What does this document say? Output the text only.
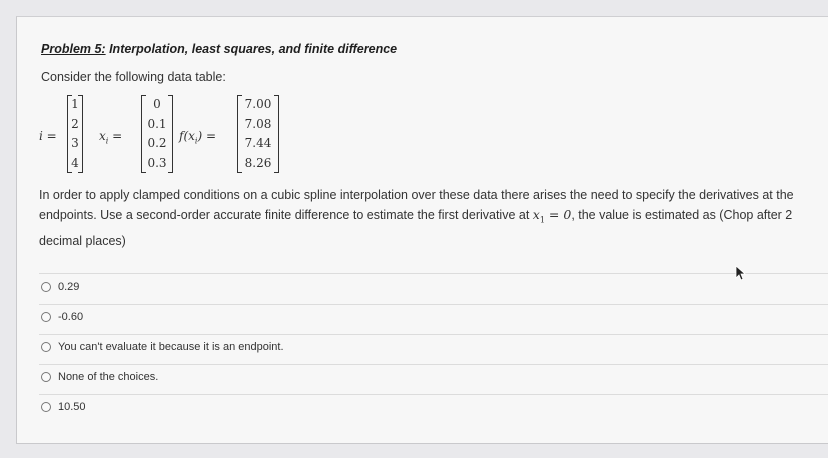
Problem 5: Interpolation, least squares, and finite difference
Consider the following data table:
i =
1
2
3
4
$x_i$ =
0
0.1
0.2
0.3
$f(x_i)$ =
7.00
7.08
7.44
8.26
In order to apply clamped conditions on a cubic spline interpolation over these data there arises the need to specify the derivatives at the endpoints. Use a second-order accurate finite difference to estimate the first derivative at $x_1 = 0$, the value is estimated as (Chop after 2 decimal places)
0.29
-0.60
You can't evaluate it because it is an endpoint.
None of the choices.
10.50
